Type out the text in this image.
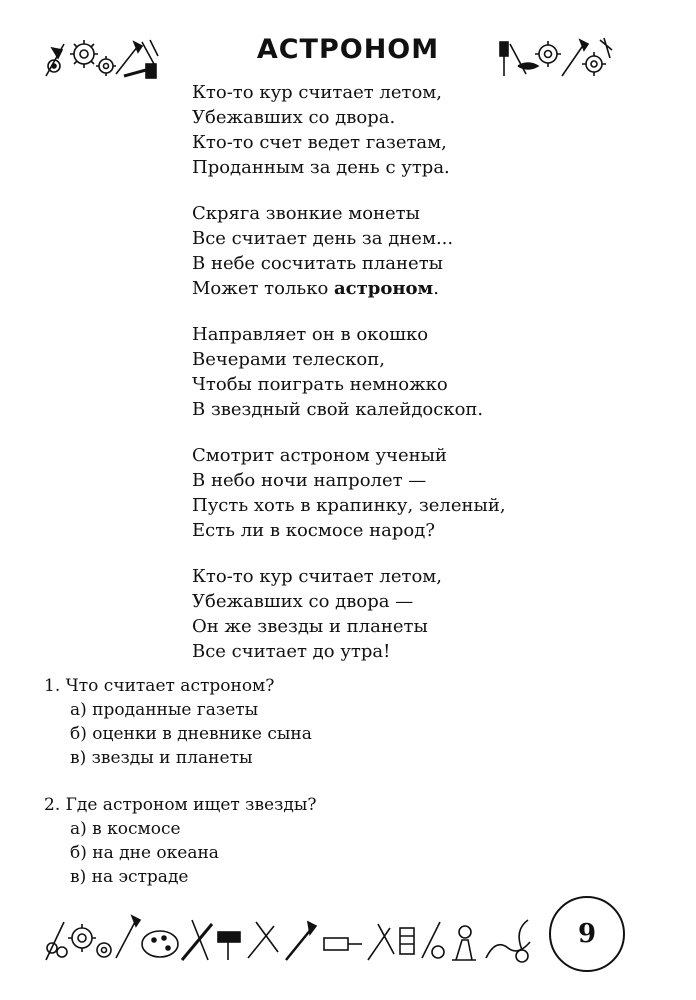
АСТРОНОМ
Кто-то кур считает летом,
Убежавших со двора.
Кто-то счет ведет газетам,
Проданным за день с утра.
Скряга звонкие монеты
Все считает день за днем...
В небе сосчитать планеты
Может только астроном.
Направляет он в окошко
Вечерами телескоп,
Чтобы поиграть немножко
В звездный свой калейдоскоп.
Смотрит астроном ученый
В небо ночи напролет —
Пусть хоть в крапинку, зеленый,
Есть ли в космосе народ?
Кто-то кур считает летом,
Убежавших со двора —
Он же звезды и планеты
Все считает до утра!
1. Что считает астроном?
а) проданные газеты
б) оценки в дневнике сына
в) звезды и планеты
2. Где астроном ищет звезды?
а) в космосе
б) на дне океана
в) на эстраде
9
